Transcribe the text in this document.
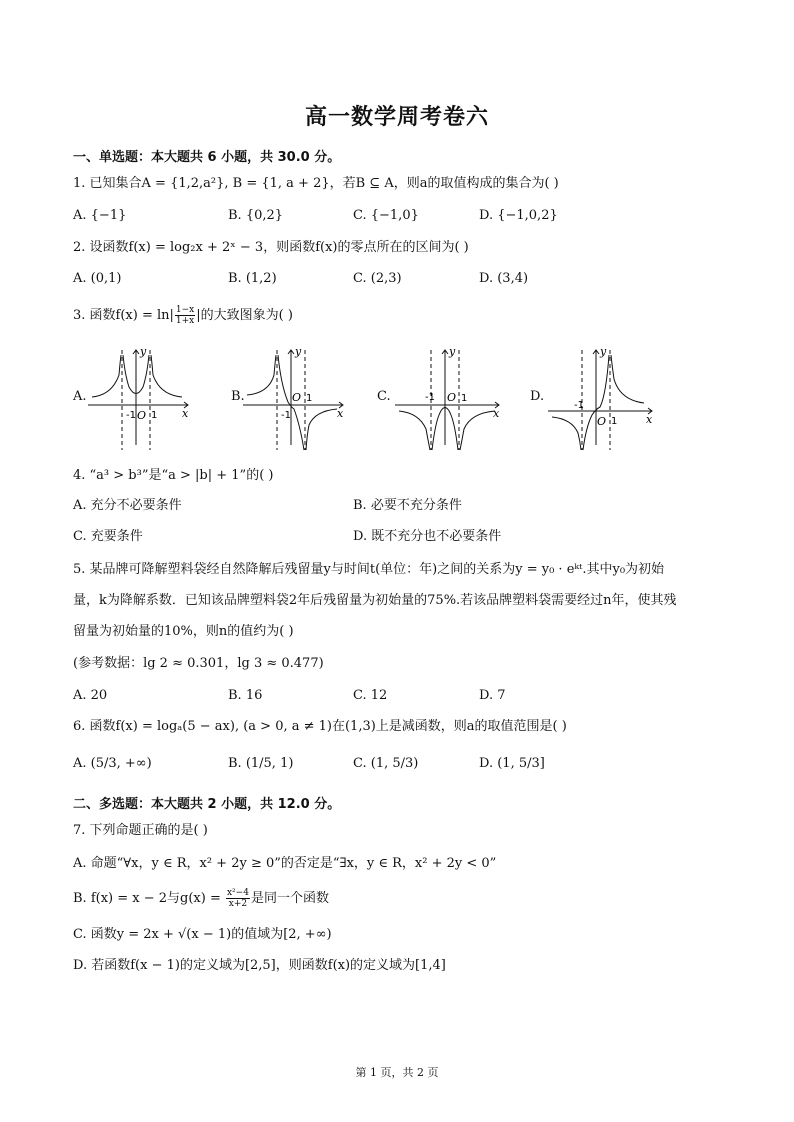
高一数学周考卷六
一、单选题：本大题共 6 小题，共 30.0 分。
1. 已知集合A = {1,2,a²}, B = {1, a + 2}，若B ⊆ A，则a的取值构成的集合为( )
A. {−1}	B. {0,2}	C. {−1,0}	D. {−1,0,2}
2. 设函数f(x) = log₂x + 2ˣ − 3，则函数f(x)的零点所在的区间为( )
A. (0,1)	B. (1,2)	C. (2,3)	D. (3,4)
3. 函数$f(x) = \ln| \frac{1-x}{1+x}$ |的大致图象为( )
A.
-1 O 1
y
x
B.
-1
O 1
y
x
C.	-1 O 1
y
x
D.
-1
O 1
y
x
4. “a³ > b³”是“a > |b| + 1”的( )
A. 充分不必要条件	B. 必要不充分条件
C. 充要条件	D. 既不充分也不必要条件
5. 某品牌可降解塑料袋经自然降解后残留量y与时间t(单位：年)之间的关系为y = y₀ · eᵏᵗ.其中y₀为初始
量，k为降解系数．已知该品牌塑料袋2年后残留量为初始量的75%.若该品牌塑料袋需要经过n年，使其残
留量为初始量的10%，则n的值约为( )
(参考数据：lg 2 ≈ 0.301，lg 3 ≈ 0.477)
A. 20	B. 16	C. 12	D. 7
6. 函数f(x) = logₐ(5 − ax), (a > 0, a ≠ 1)在(1,3)上是减函数，则a的取值范围是( )
A. (5/3, +∞)	B. (1/5, 1)	C. (1, 5/3)	D. (1, 5/3]
二、多选题：本大题共 2 小题，共 12.0 分。
7. 下列命题正确的是( )
A. 命题“∀x，y ∈ R，x² + 2y ≥ 0”的否定是“∃x，y ∈ R，x² + 2y < 0”
B. f(x) = x − 2与$g(x) = \frac{\text{x²−4}}{x+2}$ 是同一个函数
C. 函数y = 2x + √(x − 1)的值域为[2, +∞)
D. 若函数f(x − 1)的定义域为[2,5]，则函数f(x)的定义域为[1,4]
第 1 页，共 2 页
